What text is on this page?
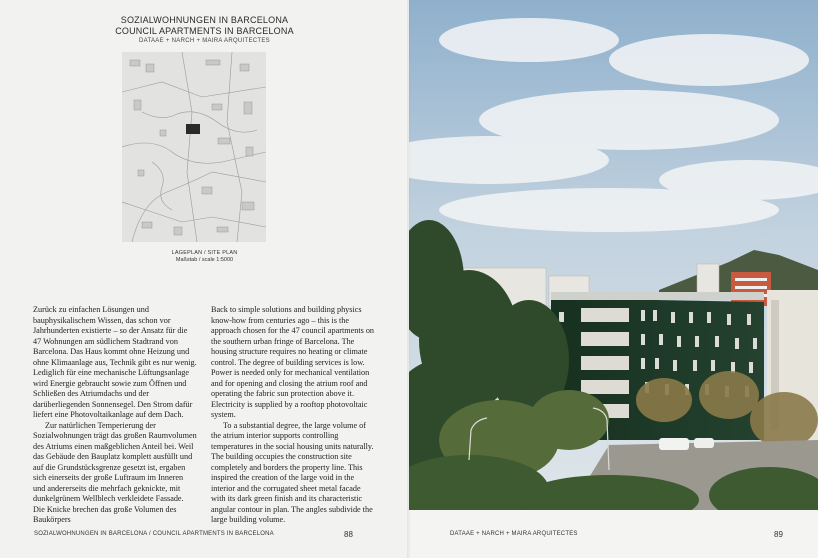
SOZIALWOHNUNGEN IN BARCELONA
COUNCIL APARTMENTS IN BARCELONA
DATAAE + NARCH + MAIRA ARQUITECTES
LAGEPLAN / SITE PLAN
Maßstab / scale 1:5000

Zurück zu einfachen Lösungen und bauphysikalischem Wissen, das schon vor Jahrhunderten existierte – so der Ansatz für die 47 Wohnungen am südlichem Stadtrand von Barcelona. Das Haus kommt ohne Heizung und ohne Klimaanlage aus, Technik gibt es nur wenig. Lediglich für eine mechanische Lüftungsanlage wird Energie gebraucht sowie zum Öffnen und Schließen des Atriumdachs und der darüberliegenden Sonnensegel. Den Strom dafür liefert eine Photovoltaikanlage auf dem Dach.

Zur natürlichen Temperierung der Sozialwohnungen trägt das großen Raumvolumen des Atriums einen maßgeblichen Anteil bei. Weil das Gebäude den Bauplatz komplett ausfüllt und auf die Grundstücksgrenze gesetzt ist, ergaben sich einerseits der große Luftraum im Inneren und andererseits die mehrfach geknickte, mit dunkelgrünem Wellblech verkleidete Fassade. Die Knicke brechen das große Volumen des Baukörpers

Back to simple solutions and building physics know-how from centuries ago – this is the approach chosen for the 47 council apartments on the southern urban fringe of Barcelona. The housing structure requires no heating or climate control. The degree of building services is low. Power is needed only for mechanical ventilation and for opening and closing the atrium roof and operating the fabric sun protection above it. Electricity is supplied by a rooftop photovoltaic system.

To a substantial degree, the large volume of the atrium interior supports controlling temperatures in the social housing units naturally. The building occupies the construction site completely and borders the property line. This inspired the creation of the large void in the interior and the corrugated sheet metal facade with its dark green finish and its characteristic angular contour in plan. The angles subdivide the large building volume.

SOZIALWOHNUNGEN IN BARCELONA / COUNCIL APARTMENTS IN BARCELONA	88	DATAAE + NARCH + MAIRA ARQUITECTES	89
